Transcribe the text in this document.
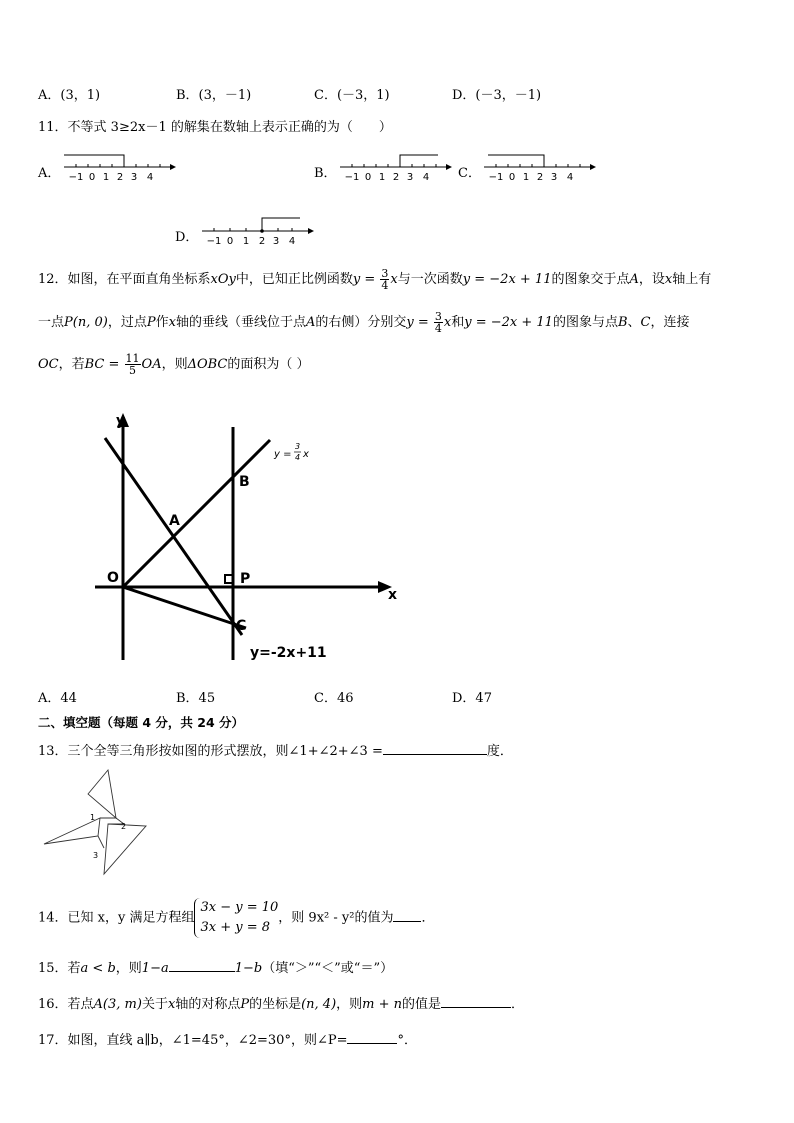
A．(3，1)	B．(3，－1)	C．(－3，1)	D．(－3，－1)
11．不等式 3≥2x－1 的解集在数轴上表示正确的为（　　）
A．	B．	C．
D．
−1 0 1 2 3 4	−1 0 1 2 3 4	−1 0 1 2 3 4
−1 0 1 2 3 4
12．如图，在平面直角坐标系xOy中，已知正比例函数$y = \frac{3}{4}$ x与一次函数y = −2x + 11的图象交于点A，设x轴上有
一点P(n, 0)，过点P作x轴的垂线（垂线位于点A的右侧）分别交$y = \frac{3}{4}$ x和y = −2x + 11的图象与点B、C，连接
OC，若BC = $\frac{11}{5}$ OA，则ΔOBC的面积为（ ）
y
x
O
A
B
P
C
y=-2x+11
y =
3
4 x
A．44	B．45	C．46	D．47
二、填空题（每题 4 分，共 24 分）
13．三个全等三角形按如图的形式摆放，则∠1+∠2+∠3 =	度．
1
2
3
14．已知 x，y 满足方程组
3x − y = 10
3x + y = 8
，则 9x² - y²的值为 ．
15．若a < b，则1−a	1−b（填“＞”“＜”或“＝”）
16．若点A(3, m)关于x轴的对称点P的坐标是(n, 4)，则m + n的值是	．
17．如图，直线 a∥b，∠1=45°，∠2=30°，则∠P=	°．
